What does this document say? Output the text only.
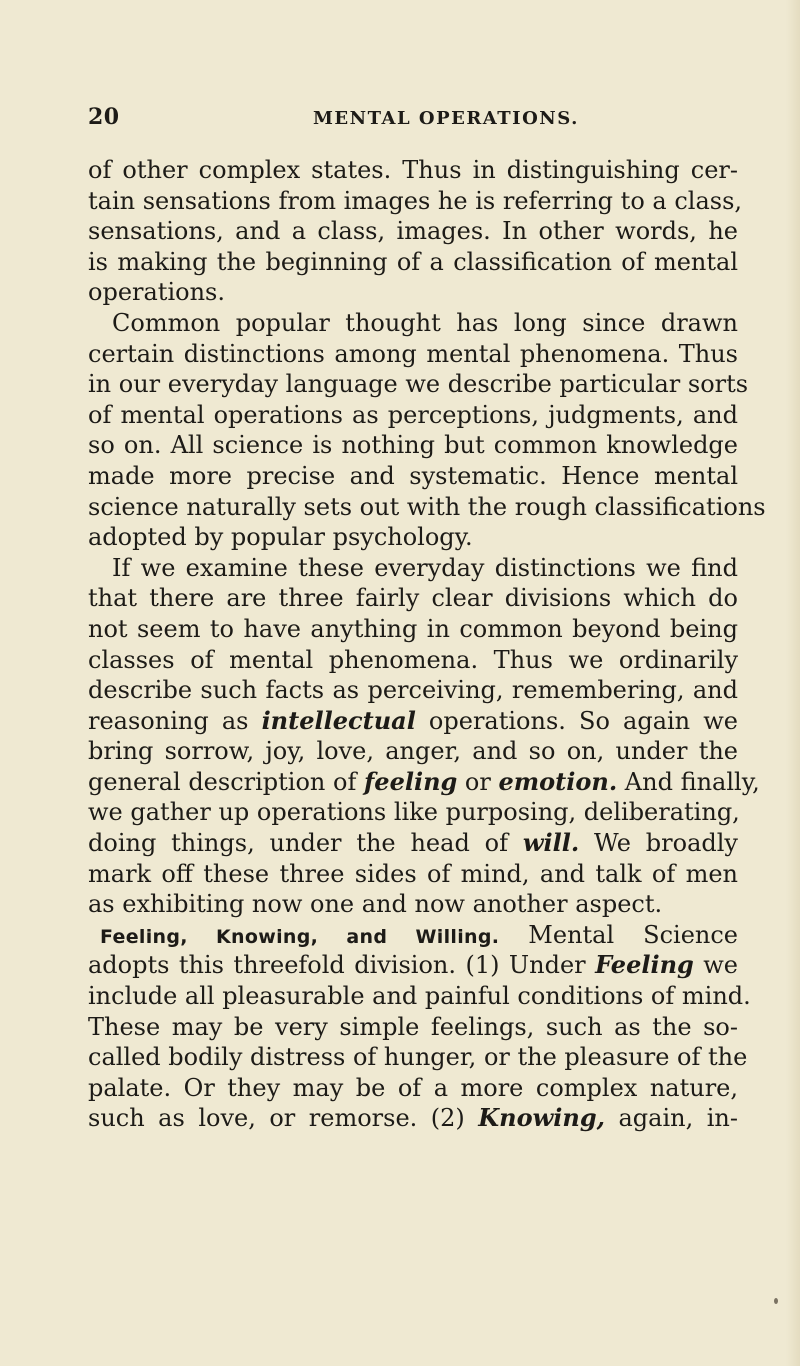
20	MENTAL OPERATIONS.
of other complex states. Thus in distinguishing cer-
tain sensations from images he is referring to a class,
sensations, and a class, images. In other words, he
is making the beginning of a classification of mental
operations.
Common popular thought has long since drawn
certain distinctions among mental phenomena. Thus
in our everyday language we describe particular sorts
of mental operations as perceptions, judgments, and
so on. All science is nothing but common knowledge
made more precise and systematic. Hence mental
science naturally sets out with the rough classifications
adopted by popular psychology.
If we examine these everyday distinctions we find
that there are three fairly clear divisions which do
not seem to have anything in common beyond being
classes of mental phenomena. Thus we ordinarily
describe such facts as perceiving, remembering, and
reasoning as intellectual operations. So again we
bring sorrow, joy, love, anger, and so on, under the
general description of feeling or emotion. And finally,
we gather up operations like purposing, deliberating,
doing things, under the head of will. We broadly
mark off these three sides of mind, and talk of men
as exhibiting now one and now another aspect.
Feeling, Knowing, and Willing. Mental Science
adopts this threefold division. (1) Under Feeling we
include all pleasurable and painful conditions of mind.
These may be very simple feelings, such as the so-
called bodily distress of hunger, or the pleasure of the
palate. Or they may be of a more complex nature,
such as love, or remorse. (2) Knowing, again, in-
